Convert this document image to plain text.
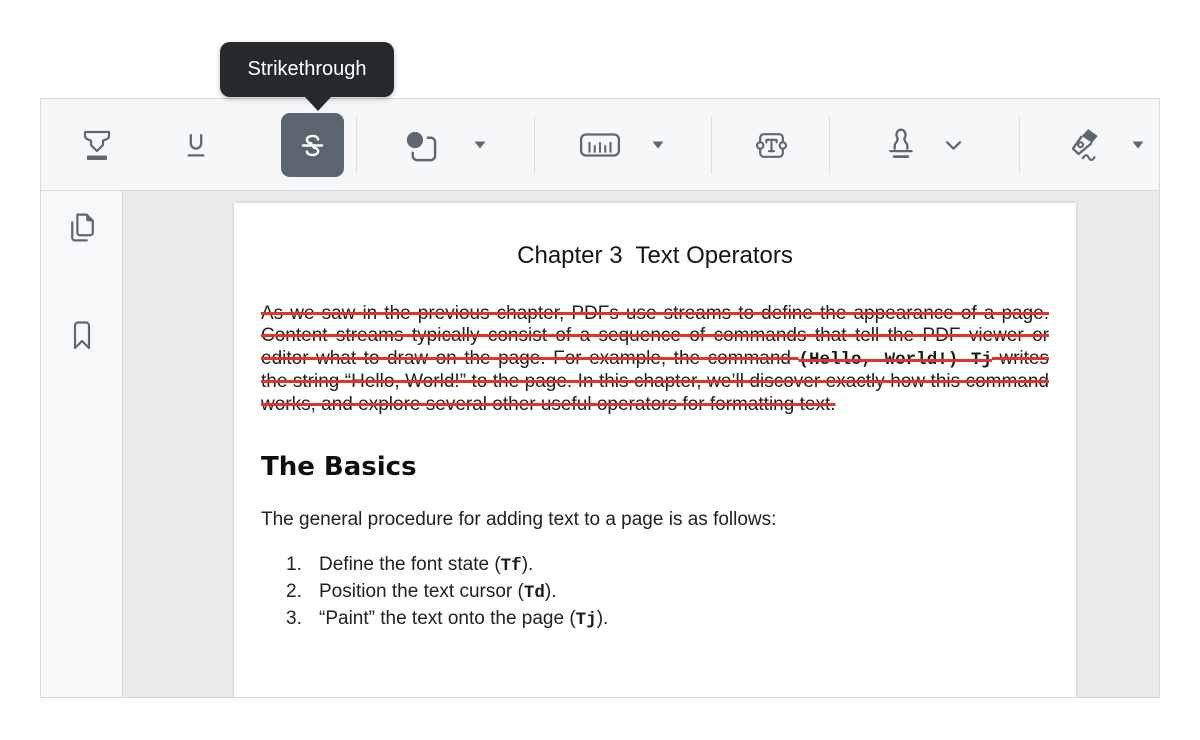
Strikethrough
Chapter 3  Text Operators

As we saw in the previous chapter, PDFs use streams to define the appearance of a page. Content streams typically consist of a sequence of commands that tell the PDF viewer or editor what to draw on the page. For example, the command (Hello, World!) Tj writes the string “Hello, World!” to the page. In this chapter, we’ll discover exactly how this command works, and explore several other useful operators for formatting text.

The Basics

The general procedure for adding text to a page is as follows:

1. Define the font state (Tf).
2. Position the text cursor (Td).
3. “Paint” the text onto the page (Tj).
